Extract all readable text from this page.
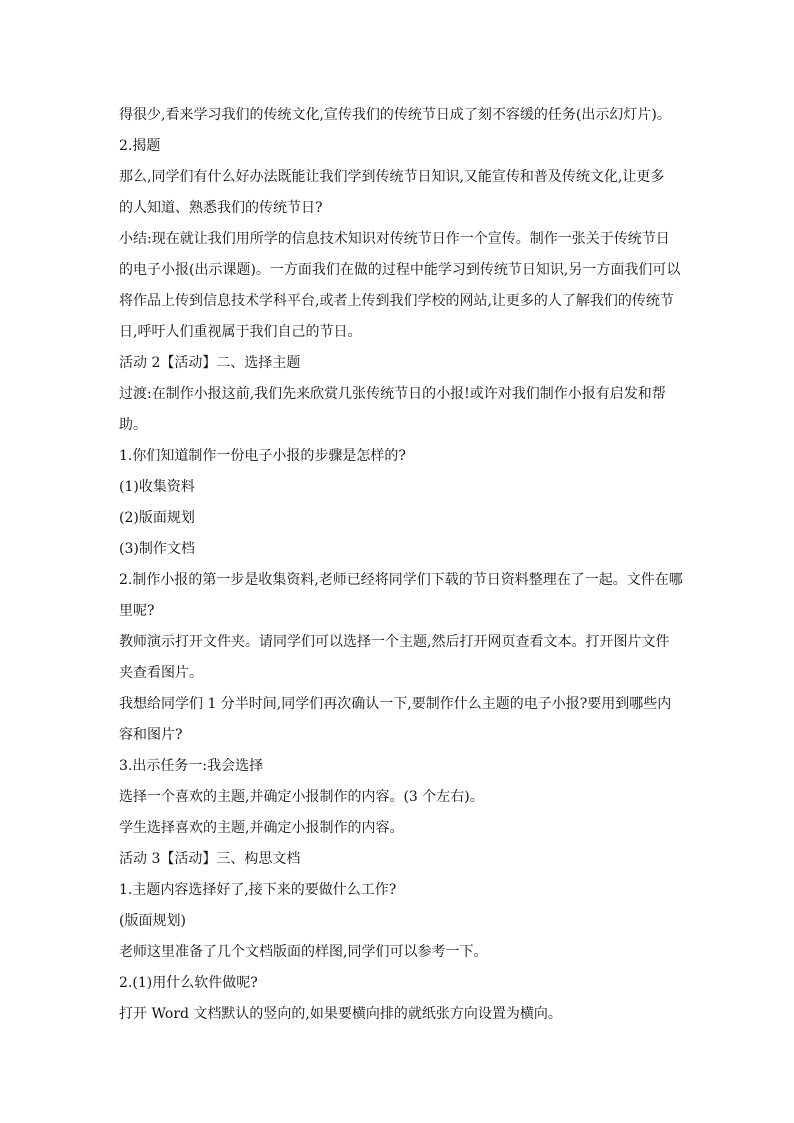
得很少,看来学习我们的传统文化,宣传我们的传统节日成了刻不容缓的任务(出示幻灯片)。

2.揭题

那么,同学们有什么好办法既能让我们学到传统节日知识,又能宣传和普及传统文化,让更多

的人知道、熟悉我们的传统节日?

小结:现在就让我们用所学的信息技术知识对传统节日作一个宣传。制作一张关于传统节日

的电子小报(出示课题)。一方面我们在做的过程中能学习到传统节日知识,另一方面我们可以

将作品上传到信息技术学科平台,或者上传到我们学校的网站,让更多的人了解我们的传统节

日,呼吁人们重视属于我们自己的节日。

活动 2【活动】二、选择主题

过渡:在制作小报这前,我们先来欣赏几张传统节日的小报!或许对我们制作小报有启发和帮

助。

1.你们知道制作一份电子小报的步骤是怎样的?

(1)收集资料

(2)版面规划

(3)制作文档

2.制作小报的第一步是收集资料,老师已经将同学们下载的节日资料整理在了一起。文件在哪

里呢?

教师演示打开文件夹。请同学们可以选择一个主题,然后打开网页查看文本。打开图片文件

夹查看图片。

我想给同学们 1 分半时间,同学们再次确认一下,要制作什么主题的电子小报?要用到哪些内

容和图片?

3.出示任务一:我会选择

选择一个喜欢的主题,并确定小报制作的内容。(3 个左右)。

学生选择喜欢的主题,并确定小报制作的内容。

活动 3【活动】三、构思文档

1.主题内容选择好了,接下来的要做什么工作?

(版面规划)

老师这里准备了几个文档版面的样图,同学们可以参考一下。

2.(1)用什么软件做呢?

打开 Word 文档默认的竖向的,如果要横向排的就纸张方向设置为横向。
